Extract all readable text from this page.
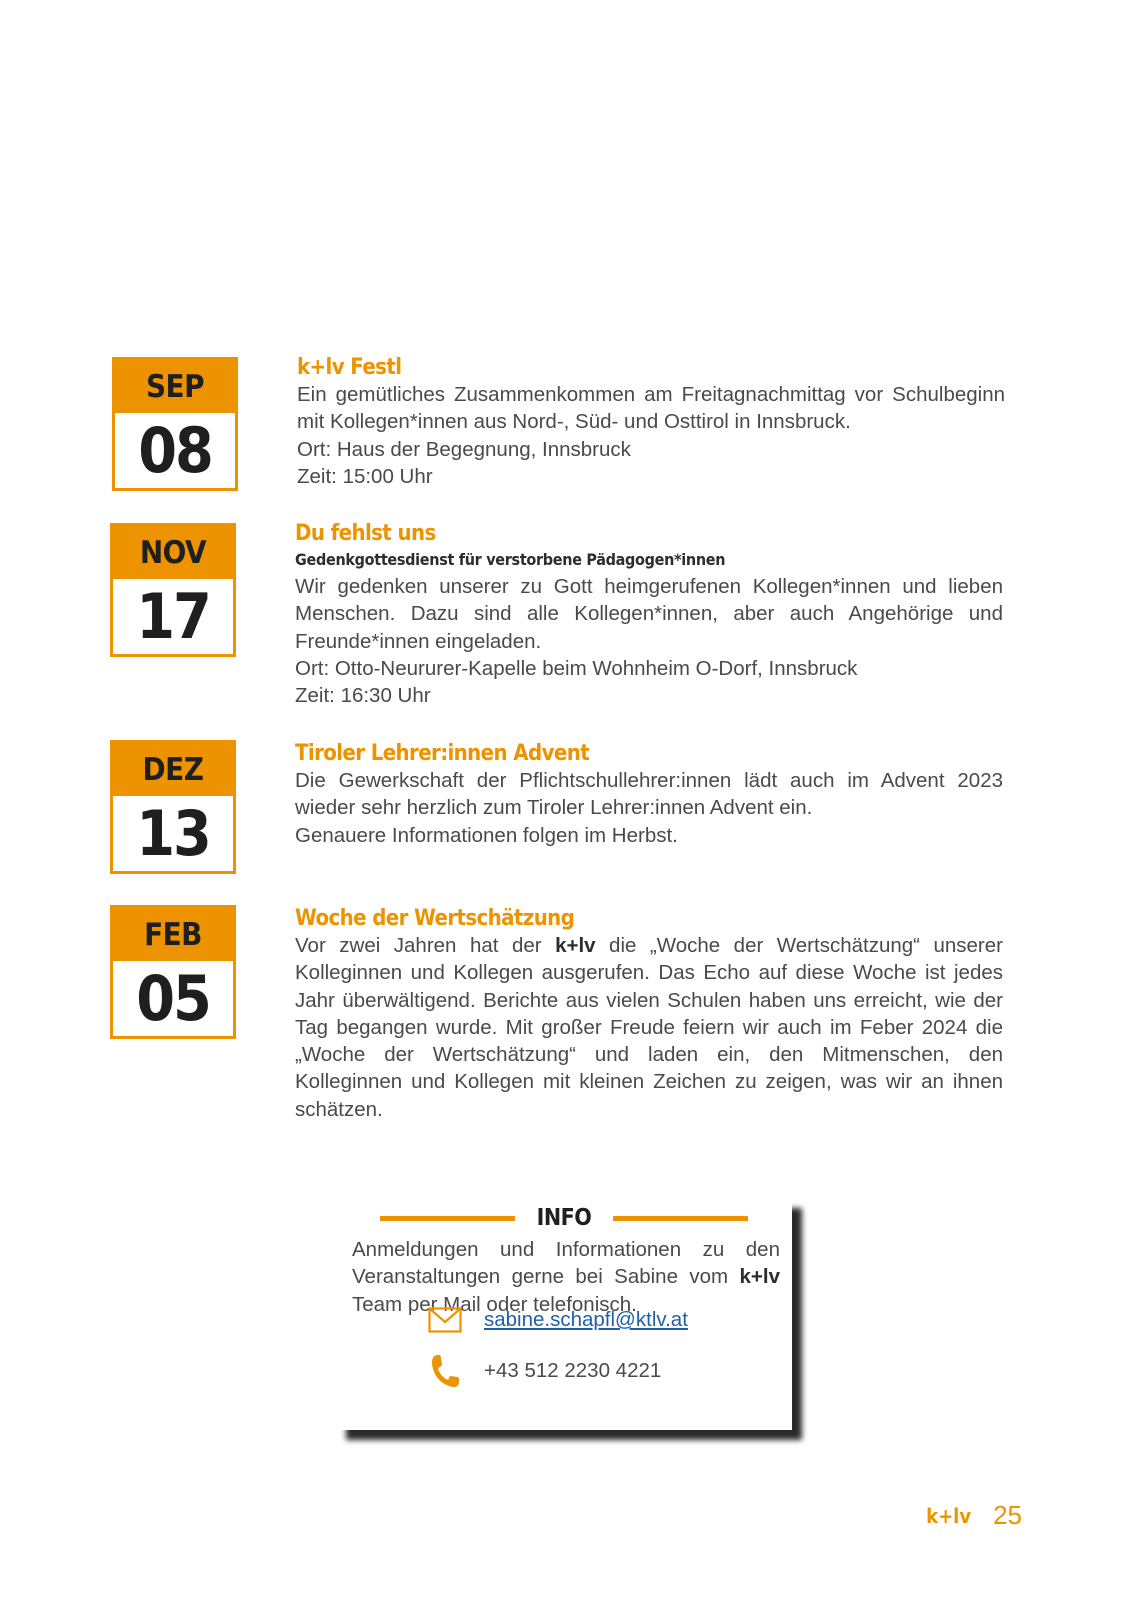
SEP
08
k+lv Festl

Ein gemütliches Zusammenkommen am Freitagnachmittag vor Schulbeginn mit Kollegen*innen aus Nord-, Süd- und Osttirol in Innsbruck.

Ort: Haus der Begegnung, Innsbruck

Zeit: 15:00 Uhr

NOV
17
Du fehlst uns
Gedenkgottesdienst für verstorbene Pädagogen*innen

Wir gedenken unserer zu Gott heimgerufenen Kollegen*innen und lieben Menschen. Dazu sind alle Kollegen*innen, aber auch Angehörige und Freunde*innen eingeladen.

Ort: Otto-Neururer-Kapelle beim Wohnheim O-Dorf, Innsbruck

Zeit: 16:30 Uhr

DEZ
13
Tiroler Lehrer:innen Advent

Die Gewerkschaft der Pflichtschullehrer:innen lädt auch im Advent 2023 wieder sehr herzlich zum Tiroler Lehrer:innen Advent ein.

Genauere Informationen folgen im Herbst.

FEB
05
Woche der Wertschätzung

Vor zwei Jahren hat der k+lv die „Woche der Wertschätzung“ unserer Kolleginnen und Kollegen ausgerufen. Das Echo auf diese Woche ist jedes Jahr überwältigend. Berichte aus vielen Schulen haben uns erreicht, wie der Tag begangen wurde. Mit großer Freude feiern wir auch im Feber 2024 die „Woche der Wertschätzung“ und laden ein, den Mitmenschen, den Kolleginnen und Kollegen mit kleinen Zeichen zu zeigen, was wir an ihnen schätzen.

INFO
Anmeldungen und Informationen zu den Veranstaltungen gerne bei Sabine vom k+lv Team per Mail oder telefonisch.
sabine.schapfl@ktlv.at
+43 512 2230 4221
k+lv 25
